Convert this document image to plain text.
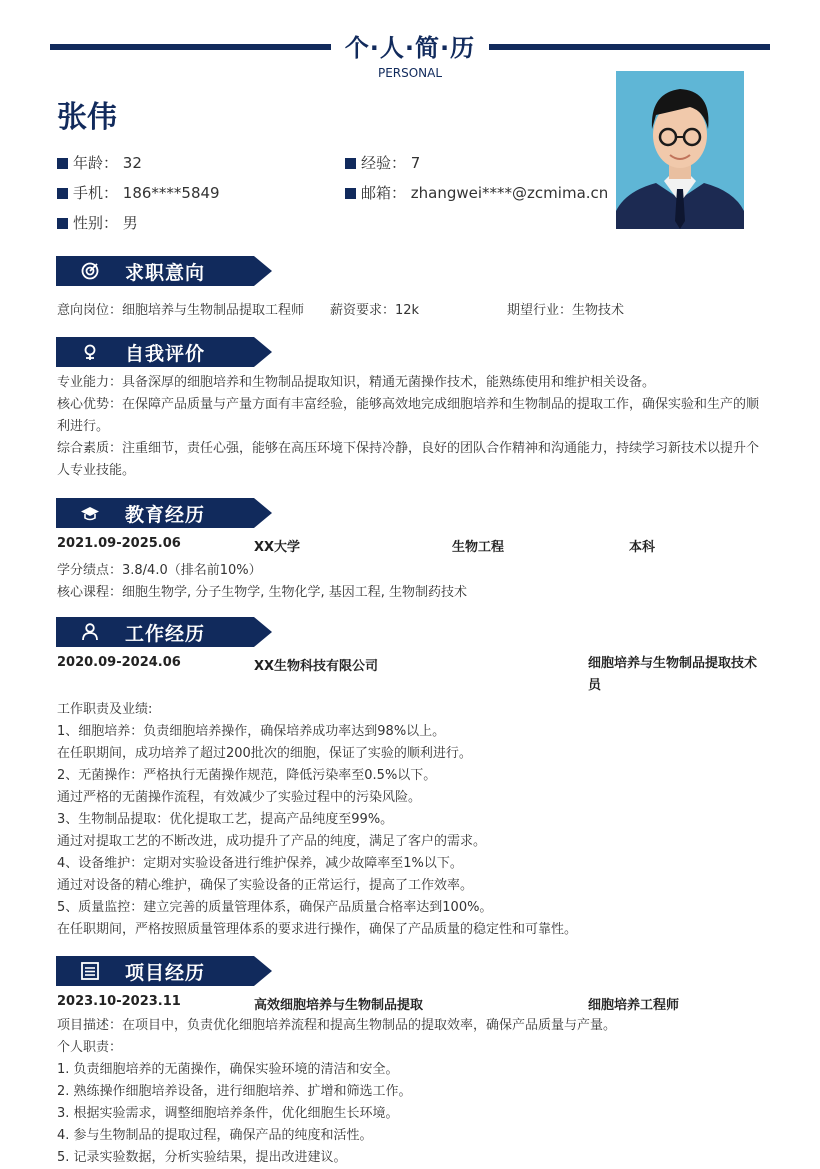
个·人·简·历
PERSONAL
张伟
年龄： 32	经验： 7
手机： 186****5849	邮箱： zhangwei****@zcmima.cn
性别： 男
求职意向
意向岗位：细胞培养与生物制品提取工程师 薪资要求：12k	期望行业：生物技术
自我评价
专业能力：具备深厚的细胞培养和生物制品提取知识，精通无菌操作技术，能熟练使用和维护相关设备。
核心优势：在保障产品质量与产量方面有丰富经验，能够高效地完成细胞培养和生物制品的提取工作，确保实验和生产的顺利进行。
综合素质：注重细节，责任心强，能够在高压环境下保持冷静，良好的团队合作精神和沟通能力，持续学习新技术以提升个人专业技能。
教育经历
2021.09-2025.06	XX大学	生物工程	本科
学分绩点：3.8/4.0（排名前10%）
核心课程：细胞生物学, 分子生物学, 生物化学, 基因工程, 生物制药技术
工作经历
2020.09-2024.06	XX生物科技有限公司	细胞培养与生物制品提取技术员
工作职责及业绩:
1、细胞培养：负责细胞培养操作，确保培养成功率达到98%以上。
在任职期间，成功培养了超过200批次的细胞，保证了实验的顺利进行。
2、无菌操作：严格执行无菌操作规范，降低污染率至0.5%以下。
通过严格的无菌操作流程，有效减少了实验过程中的污染风险。
3、生物制品提取：优化提取工艺，提高产品纯度至99%。
通过对提取工艺的不断改进，成功提升了产品的纯度，满足了客户的需求。
4、设备维护：定期对实验设备进行维护保养，减少故障率至1%以下。
通过对设备的精心维护，确保了实验设备的正常运行，提高了工作效率。
5、质量监控：建立完善的质量管理体系，确保产品质量合格率达到100%。
在任职期间，严格按照质量管理体系的要求进行操作，确保了产品质量的稳定性和可靠性。
项目经历
2023.10-2023.11	高效细胞培养与生物制品提取	细胞培养工程师
项目描述：在项目中，负责优化细胞培养流程和提高生物制品的提取效率，确保产品质量与产量。
个人职责：
1. 负责细胞培养的无菌操作，确保实验环境的清洁和安全。
2. 熟练操作细胞培养设备，进行细胞培养、扩增和筛选工作。
3. 根据实验需求，调整细胞培养条件，优化细胞生长环境。
4. 参与生物制品的提取过程，确保产品的纯度和活性。
5. 记录实验数据，分析实验结果，提出改进建议。
